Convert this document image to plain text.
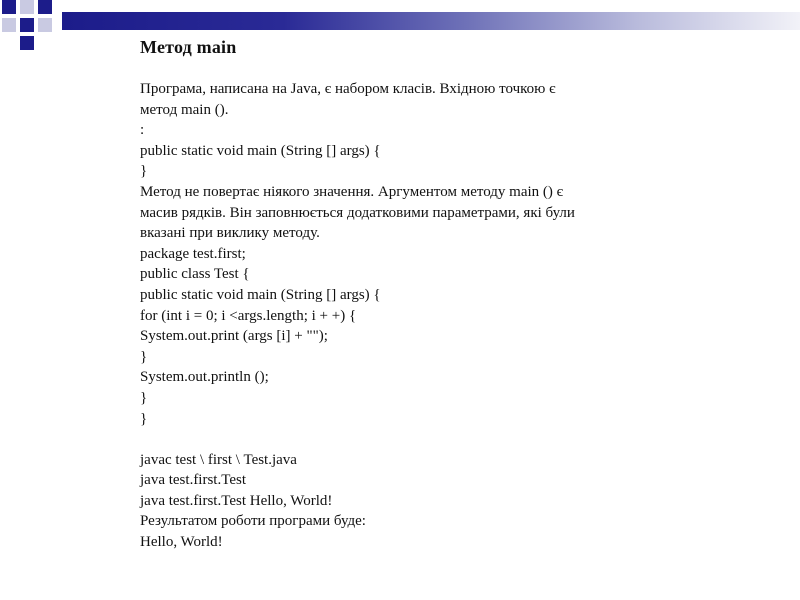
Метод main
Програма, написана на Java, є набором класів. Вхідною точкою є
метод main ().
:
public static void main (String [] args) {
}
Метод не повертає ніякого значення. Аргументом методу main () є
масив рядків. Він заповнюється додатковими параметрами, які були
вказані при виклику методу.
package test.first;
public class Test {
public static void main (String [] args) {
for (int i = 0; i <args.length; i + +) {
System.out.print (args [i] + "");
}
System.out.println ();
}
}
javac test \ first \ Test.java
java test.first.Test
java test.first.Test Hello, World!
Результатом роботи програми буде:
Hello, World!
